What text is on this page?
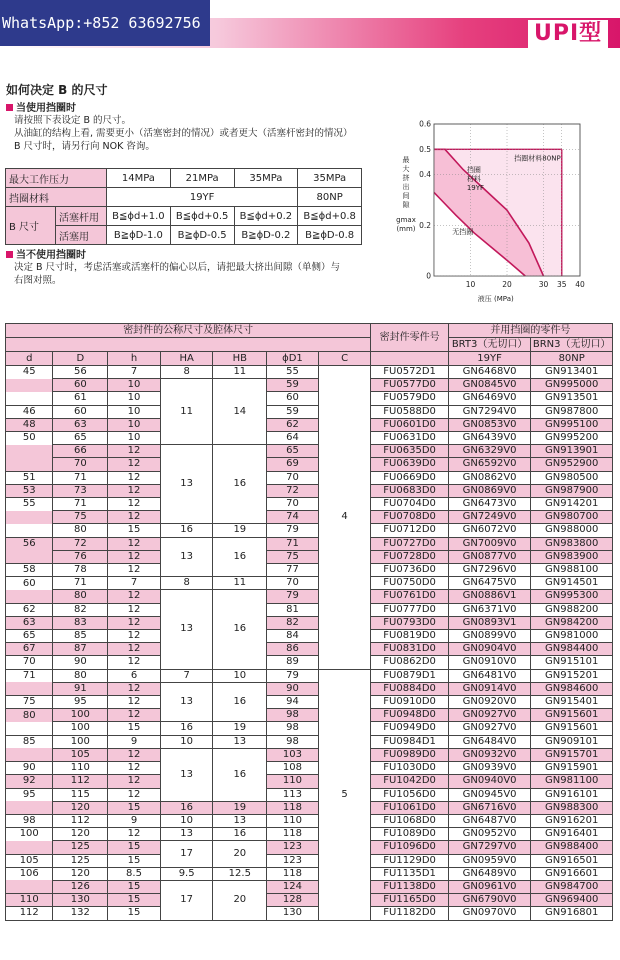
WhatsApp:+852 63692756	UPI型
如何决定 B 的尺寸
当使用挡圈时
请按照下表设定 B 的尺寸。
从油缸的结构上看, 需要更小（活塞密封的情况）或者更大（活塞杆密封的情况）
B 尺寸时，请另行向 NOK 咨询。
最大工作压力		14MPa	21MPa	35MPa	35MPa
挡圈材料		19YF			80NP
B 尺寸	活塞杆用	B≦ϕd+1.0	B≦ϕd+0.5	B≦ϕd+0.2	B≦ϕd+0.8
	活塞用	B≧ϕD-1.0	B≧ϕD-0.5	B≧ϕD-0.2	B≧ϕD-0.8
当不使用挡圈时
决定 B 尺寸时，考虑活塞或活塞杆的偏心以后，请把最大挤出间隙（单侧）与
右图对照。	10	20	30 35 40
0
0.2
0.4
0.5
0.6
液压 (MPa)
最
大
挤
出
间
隙
gmax
(mm)
挡圈材料80NP
挡圈
材料
19YF
无挡圈
密封件的公称尺寸及腔体尺寸							密封件零件号	并用挡圈的零件号	
								BRT3（无切口）	BRN3（无切口）
d	D	h	HA	HB	ϕD1	C		19YF	80NP
45	56	7	8	11	55	4	FU0572D1	GN6468V0	GN913401
	60	10	11	14	59		FU0577D0	GN0845V0	GN995000
	61	10			60		FU0579D0	GN6469V0	GN913501
46	60	10			59		FU0588D0	GN7294V0	GN987800
48	63	10			62		FU0601D0	GN0853V0	GN995100
50	65	10			64		FU0631D0	GN6439V0	GN995200
	66	12	13	16	65		FU0635D0	GN6329V0	GN913901
	70	12			69		FU0639D0	GN6592V0	GN952900
51	71	12			70		FU0669D0	GN0862V0	GN980500
53	73	12			72		FU0683D0	GN0869V0	GN987900
55	71	12			70		FU0704D0	GN6473V0	GN914201
	75	12			74		FU0708D0	GN7249V0	GN980700
	80	15	16	19	79		FU0712D0	GN6072V0	GN988000
56	72	12	13	16	71		FU0727D0	GN7009V0	GN983800
	76	12			75		FU0728D0	GN0877V0	GN983900
58	78	12			77		FU0736D0	GN7296V0	GN988100
60	71	7	8	11	70		FU0750D0	GN6475V0	GN914501
	80	12	13	16	79		FU0761D0	GN0886V1	GN995300
62	82	12			81		FU0777D0	GN6371V0	GN988200
63	83	12			82		FU0793D0	GN0893V1	GN984200
65	85	12			84		FU0819D0	GN0899V0	GN981000
67	87	12			86		FU0831D0	GN0904V0	GN984400
70	90	12			89		FU0862D0	GN0910V0	GN915101
71	80	6	7	10	79	5	FU0879D1	GN6481V0	GN915201
	91	12	13	16	90		FU0884D0	GN0914V0	GN984600
75	95	12			94		FU0910D0	GN0920V0	GN915401
80	100	12			98		FU0948D0	GN0927V0	GN915601
	100	15	16	19	98		FU0949D0	GN0927V0	GN915601
85	100	9	10	13	98		FU0984D1	GN6484V0	GN909101
	105	12	13	16	103		FU0989D0	GN0932V0	GN915701
90	110	12			108		FU1030D0	GN0939V0	GN915901
92	112	12			110		FU1042D0	GN0940V0	GN981100
95	115	12			113		FU1056D0	GN0945V0	GN916101
	120	15	16	19	118		FU1061D0	GN6716V0	GN988300
98	112	9	10	13	110		FU1068D0	GN6487V0	GN916201
100	120	12	13	16	118		FU1089D0	GN0952V0	GN916401
	125	15	17	20	123		FU1096D0	GN7297V0	GN988400
105	125	15			123		FU1129D0	GN0959V0	GN916501
106	120	8.5	9.5	12.5	118		FU1135D1	GN6489V0	GN916601
	126	15	17	20	124		FU1138D0	GN0961V0	GN984700
110	130	15			128		FU1165D0	GN6790V0	GN969400
112	132	15			130		FU1182D0	GN0970V0	GN916801
